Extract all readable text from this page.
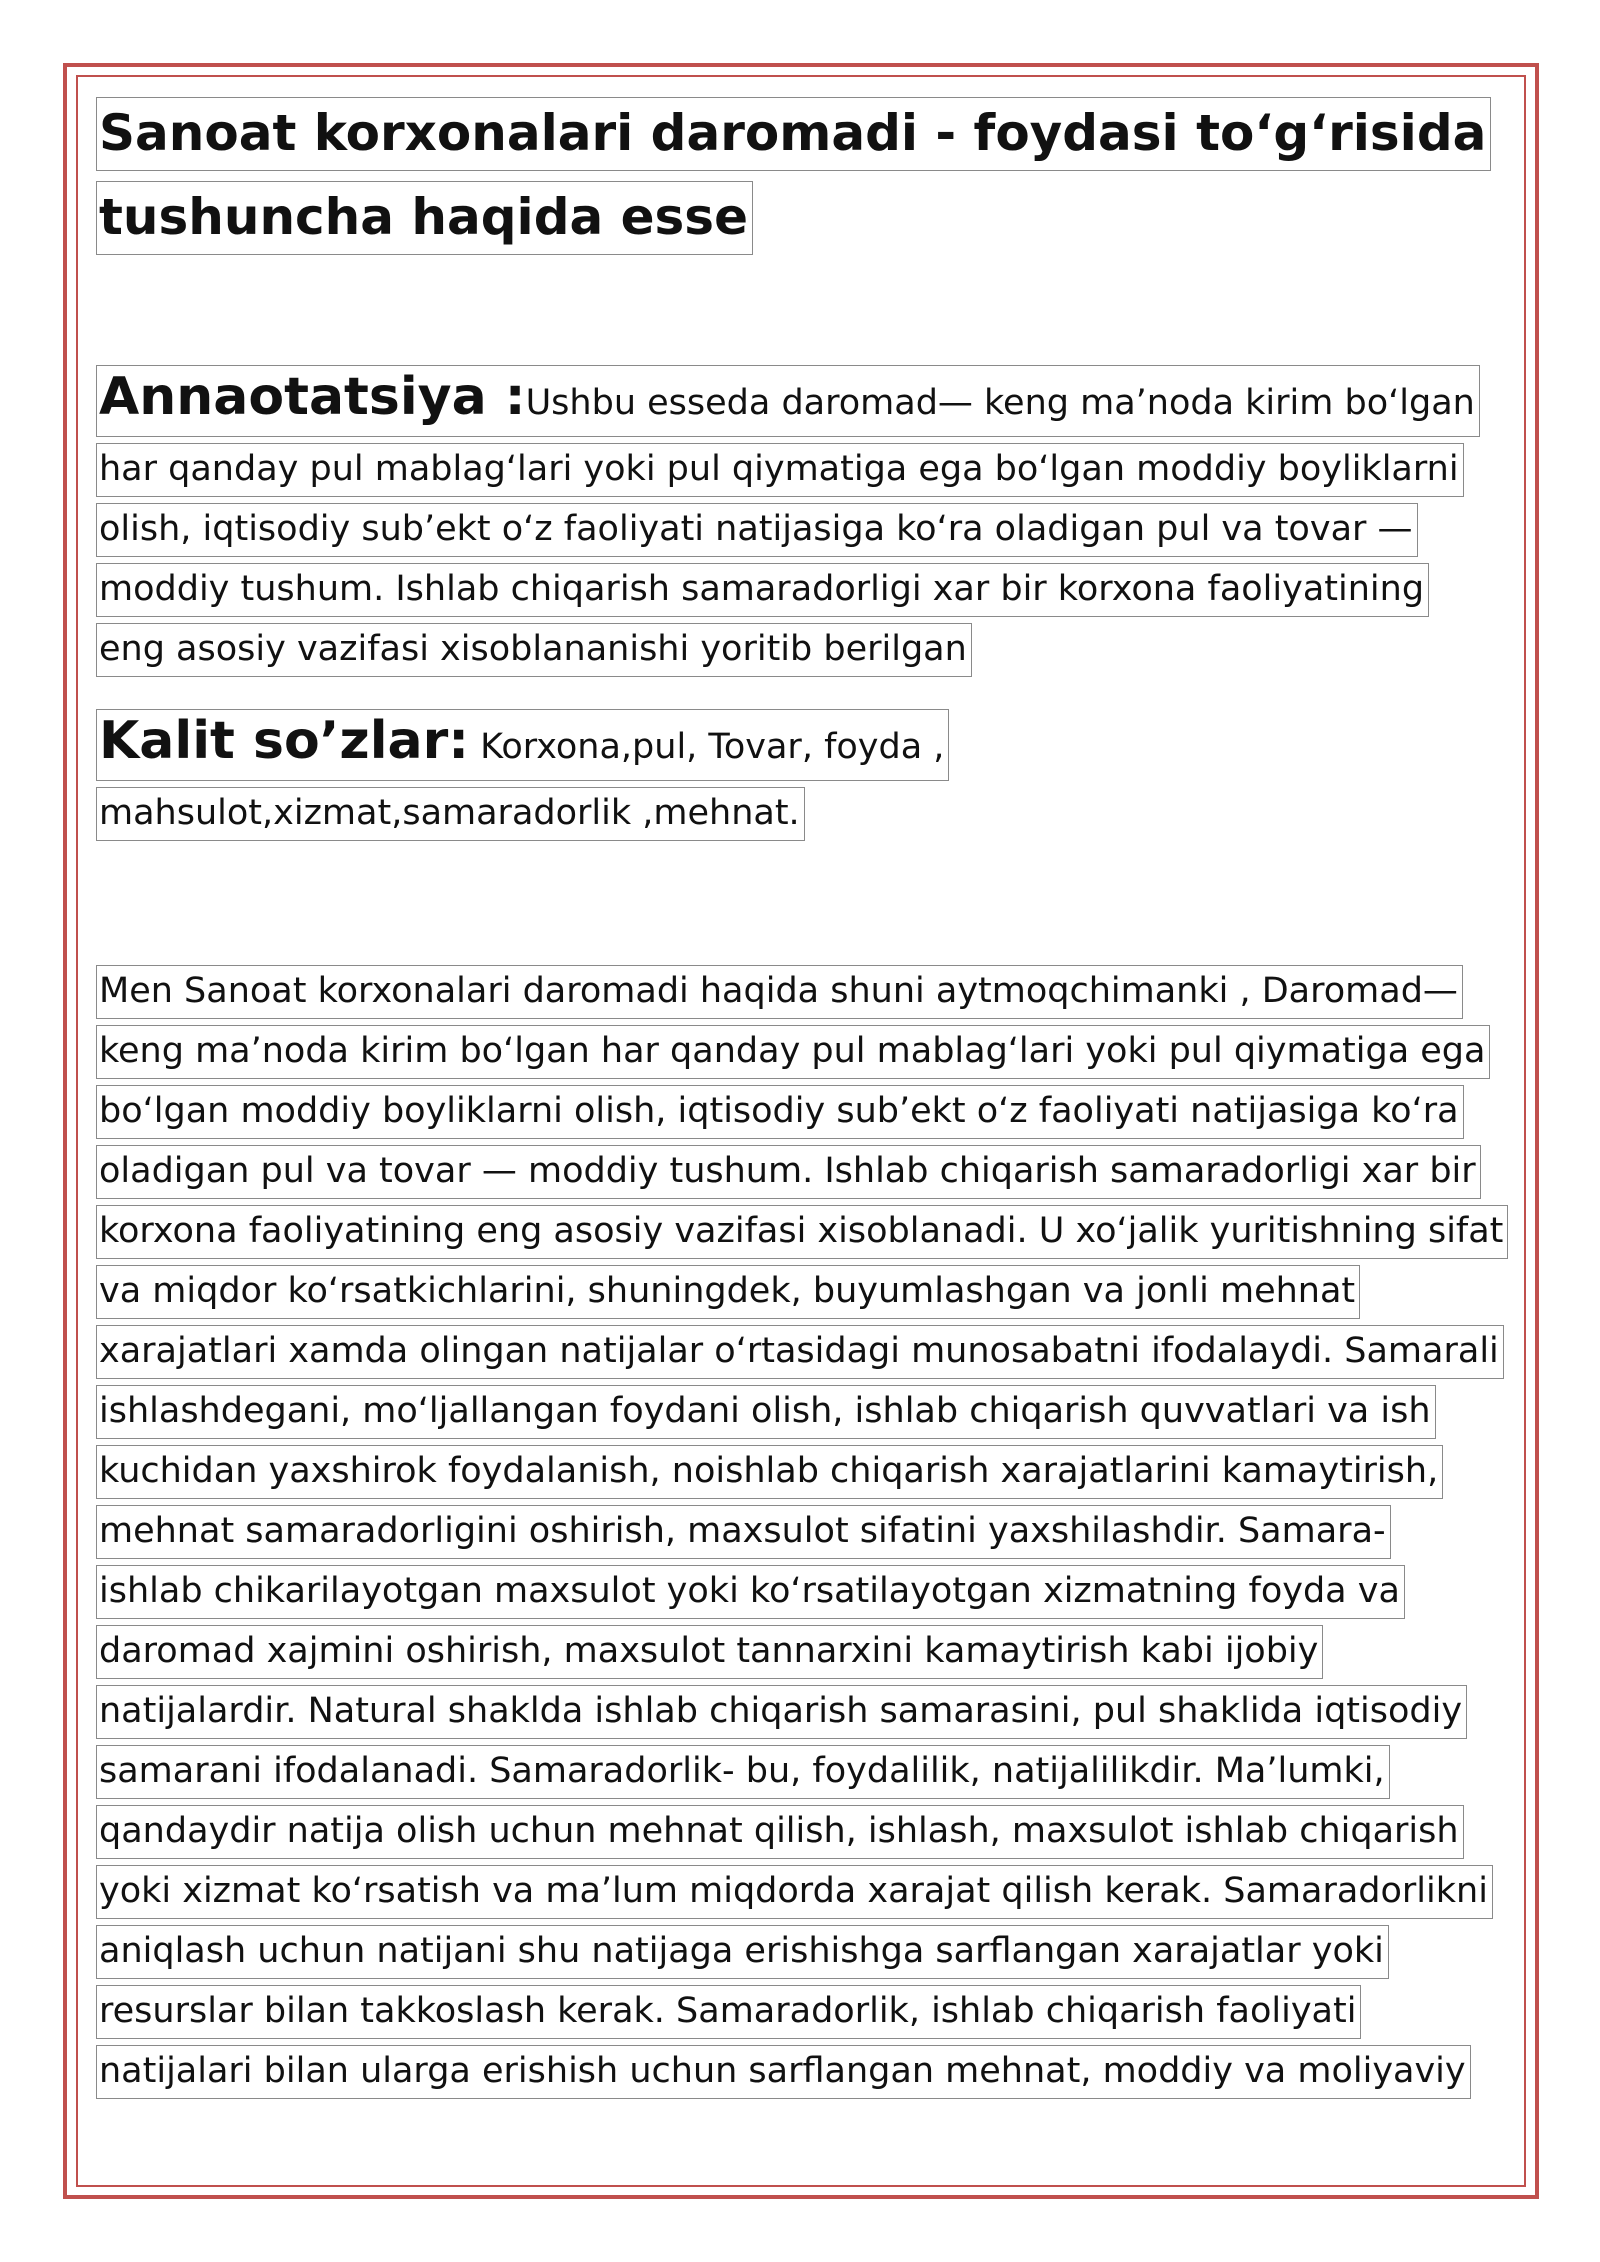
Sanoat korxonalari daromadi - foydasi to‘g‘risida
tushuncha haqida esse
Annaotatsiya :Ushbu esseda daromad— keng ma’noda kirim bo‘lgan
har qanday pul mablag‘lari yoki pul qiymatiga ega bo‘lgan moddiy boyliklarni
olish, iqtisodiy sub’ekt o‘z faoliyati natijasiga ko‘ra oladigan pul va tovar —
moddiy tushum. Ishlab chiqarish samaradorligi xar bir korxona faoliyatining
eng asosiy vazifasi xisoblananishi yoritib berilgan
Kalit so’zlar: Korxona,pul, Tovar, foyda ,
mahsulot,xizmat,samaradorlik ,mehnat.
Men Sanoat korxonalari daromadi haqida shuni aytmoqchimanki , Daromad—
keng ma’noda kirim bo‘lgan har qanday pul mablag‘lari yoki pul qiymatiga ega
bo‘lgan moddiy boyliklarni olish, iqtisodiy sub’ekt o‘z faoliyati natijasiga ko‘ra
oladigan pul va tovar — moddiy tushum. Ishlab chiqarish samaradorligi xar bir
korxona faoliyatining eng asosiy vazifasi xisoblanadi. U xo‘jalik yuritishning sifat
va miqdor ko‘rsatkichlarini, shuningdek, buyumlashgan va jonli mehnat
xarajatlari xamda olingan natijalar o‘rtasidagi munosabatni ifodalaydi. Samarali
ishlashdegani, mo‘ljallangan foydani olish, ishlab chiqarish quvvatlari va ish
kuchidan yaxshirok foydalanish, noishlab chiqarish xarajatlarini kamaytirish,
mehnat samaradorligini oshirish, maxsulot sifatini yaxshilashdir. Samara-
ishlab chikarilayotgan maxsulot yoki ko‘rsatilayotgan xizmatning foyda va
daromad xajmini oshirish, maxsulot tannarxini kamaytirish kabi ijobiy
natijalardir. Natural shakldа ishlab chiqarish samarasini, pul shaklida iqtisodiy
samarani ifodalanadi. Samaradorlik- bu, foydalilik, natijalilikdir. Ma’lumki,
qandaydir natija olish uchun mehnat qilish, ishlash, maxsulot ishlab chiqarish
yoki xizmat ko‘rsatish va ma’lum miqdorda xarajat qilish kerak. Samaradorlikni
aniqlash uchun natijani shu natijaga erishishga sarflangan xarajatlar yoki
resurslar bilan takkoslash kerak. Samaradorlik, ishlab chiqarish faoliyati
natijalari bilan ularga erishish uchun sarflangan mehnat, moddiy va moliyaviy
